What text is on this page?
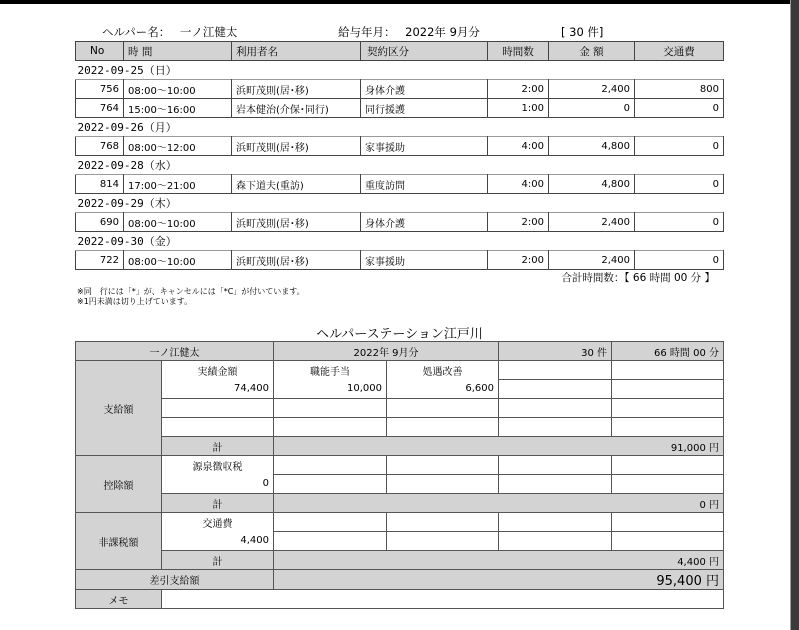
ヘルパー名： 一ノ江健太	給与年月： 2022年 9月分	[ 30 件]
No	時 間	利用者名	契約区分	時間数	金 額	交通費
2022-09-25（日）						
756	08:00～10:00	浜町茂則(居･移)	身体介護	2:00	2,400	800
764	15:00～16:00	岩本健治(介保･同行)	同行援護	1:00	0	0
2022-09-26（月）						
768	08:00～12:00	浜町茂則(居･移)	家事援助	4:00	4,800	0
2022-09-28（水）						
814	17:00～21:00	森下道夫(重訪)	重度訪問	4:00	4,800	0
2022-09-29（木）						
690	08:00～10:00	浜町茂則(居･移)	身体介護	2:00	2,400	0
2022-09-30（金）						
722	08:00～10:00	浜町茂則(居･移)	家事援助	2:00	2,400	0
合計時間数：【 66 時間 00 分 】
※同　行には「*」が、キャンセルには「*C」が付いています。
※1円未満は切り上げています。
ヘルパーステーション江戸川
一ノ江健太		2022年 9月分		30 件	66 時間 00 分
支給額	実績金額	職能手当	処遇改善		
	74,400	10,000	6,600		

	計	91,000 円			
控除額	源泉徴収税				
	0				
	計	0 円			
非課税額	交通費				
	4,400				
	計	4,400 円			
差引支給額		95,400 円			
メモ					
